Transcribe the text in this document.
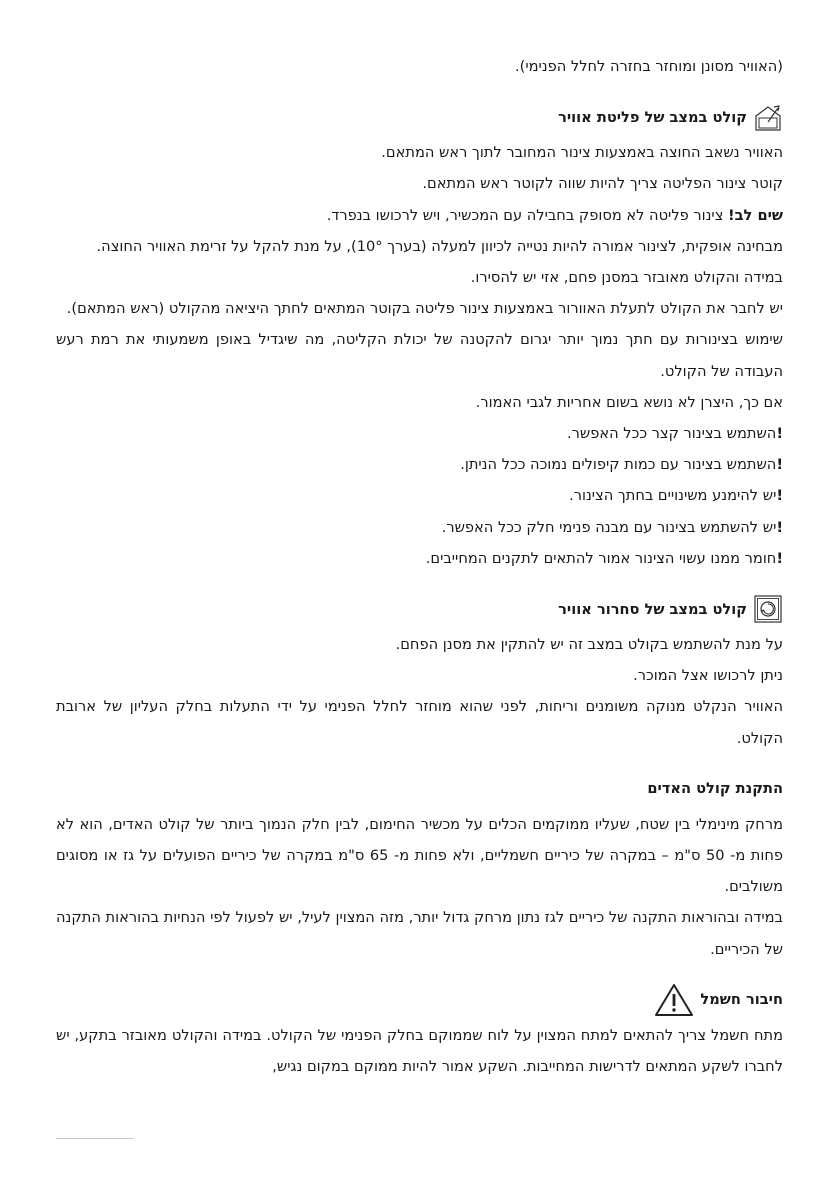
(האוויר מסונן ומוחזר בחזרה לחלל הפנימי).

קולט במצב של פליטת אוויר

האוויר נשאב החוצה באמצעות צינור המחובר לתוך ראש המתאם.

קוטר צינור הפליטה צריך להיות שווה לקוטר ראש המתאם.

שים לב! צינור פליטה לא מסופק בחבילה עם המכשיר, ויש לרכושו בנפרד.

מבחינה אופקית, לצינור אמורה להיות נטייה לכיוון למעלה (בערך 10°), על מנת להקל על זרימת האוויר החוצה.

במידה והקולט מאובזר במסנן פחם, אזי יש להסירו.

יש לחבר את הקולט לתעלת האוורור באמצעות צינור פליטה בקוטר המתאים לחתך היציאה מהקולט (ראש המתאם).

שימוש בצינורות עם חתך נמוך יותר יגרום להקטנה של יכולת הקליטה, מה שיגדיל באופן משמעותי את רמת רעש העבודה של הקולט.

אם כך, היצרן לא נושא בשום אחריות לגבי האמור.

!השתמש בצינור קצר ככל האפשר.

!השתמש בצינור עם כמות קיפולים נמוכה ככל הניתן.

!יש להימנע משינויים בחתך הצינור.

!יש להשתמש בצינור עם מבנה פנימי חלק ככל האפשר.

!חומר ממנו עשוי הצינור אמור להתאים לתקנים המחייבים.

קולט במצב של סחרור אוויר

על מנת להשתמש בקולט במצב זה יש להתקין את מסנן הפחם.

ניתן לרכושו אצל המוכר.

האוויר הנקלט מנוקה משומנים וריחות, לפני שהוא מוחזר לחלל הפנימי על ידי התעלות בחלק העליון של ארובת הקולט.

התקנת קולט האדים

מרחק מינימלי בין שטח, שעליו ממוקמים הכלים על מכשיר החימום, לבין חלק הנמוך ביותר של קולט האדים, הוא לא פחות מ- 50 ס"מ – במקרה של כיריים חשמליים, ולא פחות מ- 65 ס"מ במקרה של כיריים הפועלים על גז או מסוגים משולבים.

במידה ובהוראות התקנה של כיריים לגז נתון מרחק גדול יותר, מזה המצוין לעיל, יש לפעול לפי הנחיות בהוראות התקנה של הכיריים.

חיבור חשמל

מתח חשמל צריך להתאים למתח המצוין על לוח שממוקם בחלק הפנימי של הקולט. במידה והקולט מאובזר בתקע, יש לחברו לשקע המתאים לדרישות המחייבות. השקע אמור להיות ממוקם במקום נגיש,
